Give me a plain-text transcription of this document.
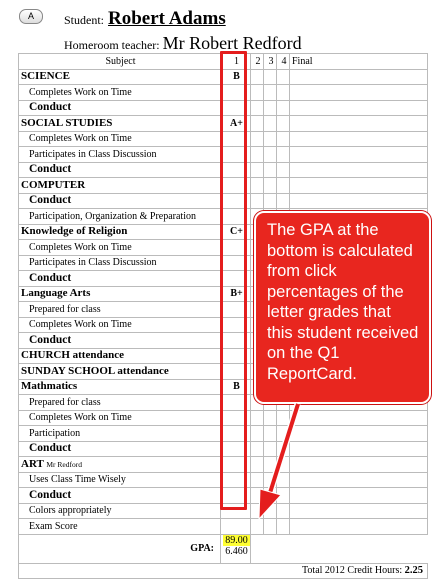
A	Student: Robert Adams
Homeroom teacher: Mr Robert Redford
Subject	1	2	3	4	Final
SCIENCE	B				
Completes Work on Time					
Conduct					
SOCIAL STUDIES	A+				
Completes Work on Time					
Participates in Class Discussion					
Conduct					
COMPUTER					
Conduct					
Participation, Organization & Preparation					
Knowledge of Religion	C+				
Completes Work on Time					
Participates in Class Discussion					
Conduct					
Language Arts	B+				
Prepared for class					
Completes Work on Time					
Conduct					
CHURCH attendance					
SUNDAY SCHOOL attendance					
Mathmatics	B				
Prepared for class					
Completes Work on Time					
Participation					
Conduct					
ART Mr Redford					
Uses Class Time Wisely					
Conduct					
Colors appropriately					
Exam Score					
GPA:	89.00
6.460				

Total 2012 Credit Hours: 2.25					
The GPA at the bottom is calculated from click percentages of the letter grades that this student received on the Q1 ReportCard.
